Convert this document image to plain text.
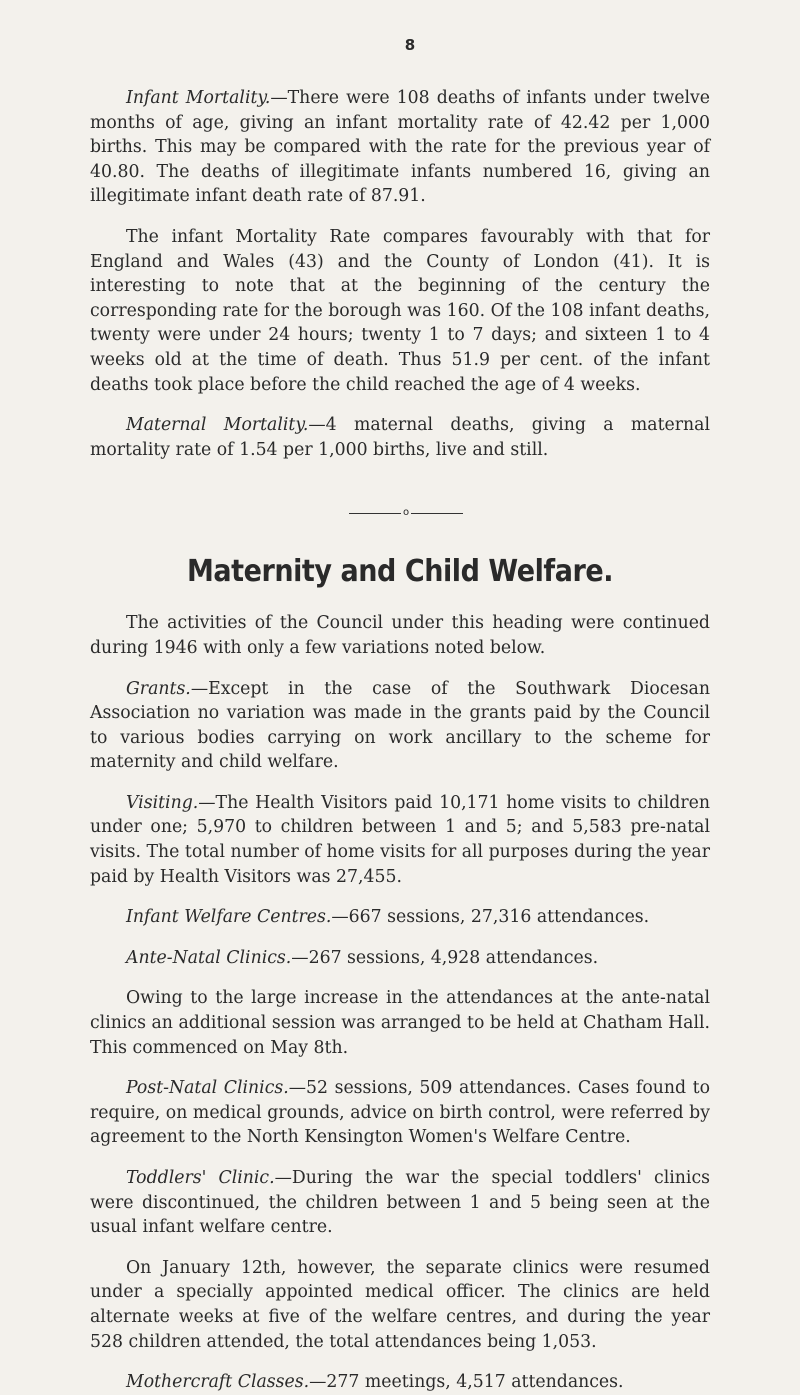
8

Infant Mortality.—There were 108 deaths of infants under twelve months of age, giving an infant mortality rate of 42.42 per 1,000 births. This may be compared with the rate for the previous year of 40.80. The deaths of illegitimate infants numbered 16, giving an illegitimate infant death rate of 87.91.

The infant Mortality Rate compares favourably with that for England and Wales (43) and the County of London (41). It is interesting to note that at the beginning of the century the corresponding rate for the borough was 160. Of the 108 infant deaths, twenty were under 24 hours; twenty 1 to 7 days; and sixteen 1 to 4 weeks old at the time of death. Thus 51.9 per cent. of the infant deaths took place before the child reached the age of 4 weeks.

Maternal Mortality.—4 maternal deaths, giving a maternal mortality rate of 1.54 per 1,000 births, live and still.

o
Maternity and Child Welfare.

The activities of the Council under this heading were continued during 1946 with only a few variations noted below.

Grants.—Except in the case of the Southwark Diocesan Association no variation was made in the grants paid by the Council to various bodies carrying on work ancillary to the scheme for maternity and child welfare.

Visiting.—The Health Visitors paid 10,171 home visits to children under one; 5,970 to children between 1 and 5; and 5,583 pre-natal visits. The total number of home visits for all purposes during the year paid by Health Visitors was 27,455.

Infant Welfare Centres.—667 sessions, 27,316 attendances.

Ante-Natal Clinics.—267 sessions, 4,928 attendances.

Owing to the large increase in the attendances at the ante-natal clinics an additional session was arranged to be held at Chatham Hall. This commenced on May 8th.

Post-Natal Clinics.—52 sessions, 509 attendances. Cases found to require, on medical grounds, advice on birth control, were referred by agreement to the North Kensington Women's Welfare Centre.

Toddlers' Clinic.—During the war the special toddlers' clinics were discontinued, the children between 1 and 5 being seen at the usual infant welfare centre.

On January 12th, however, the separate clinics were resumed under a specially appointed medical officer. The clinics are held alternate weeks at five of the welfare centres, and during the year 528 children attended, the total attendances being 1,053.

Mothercraft Classes.—277 meetings, 4,517 attendances.
